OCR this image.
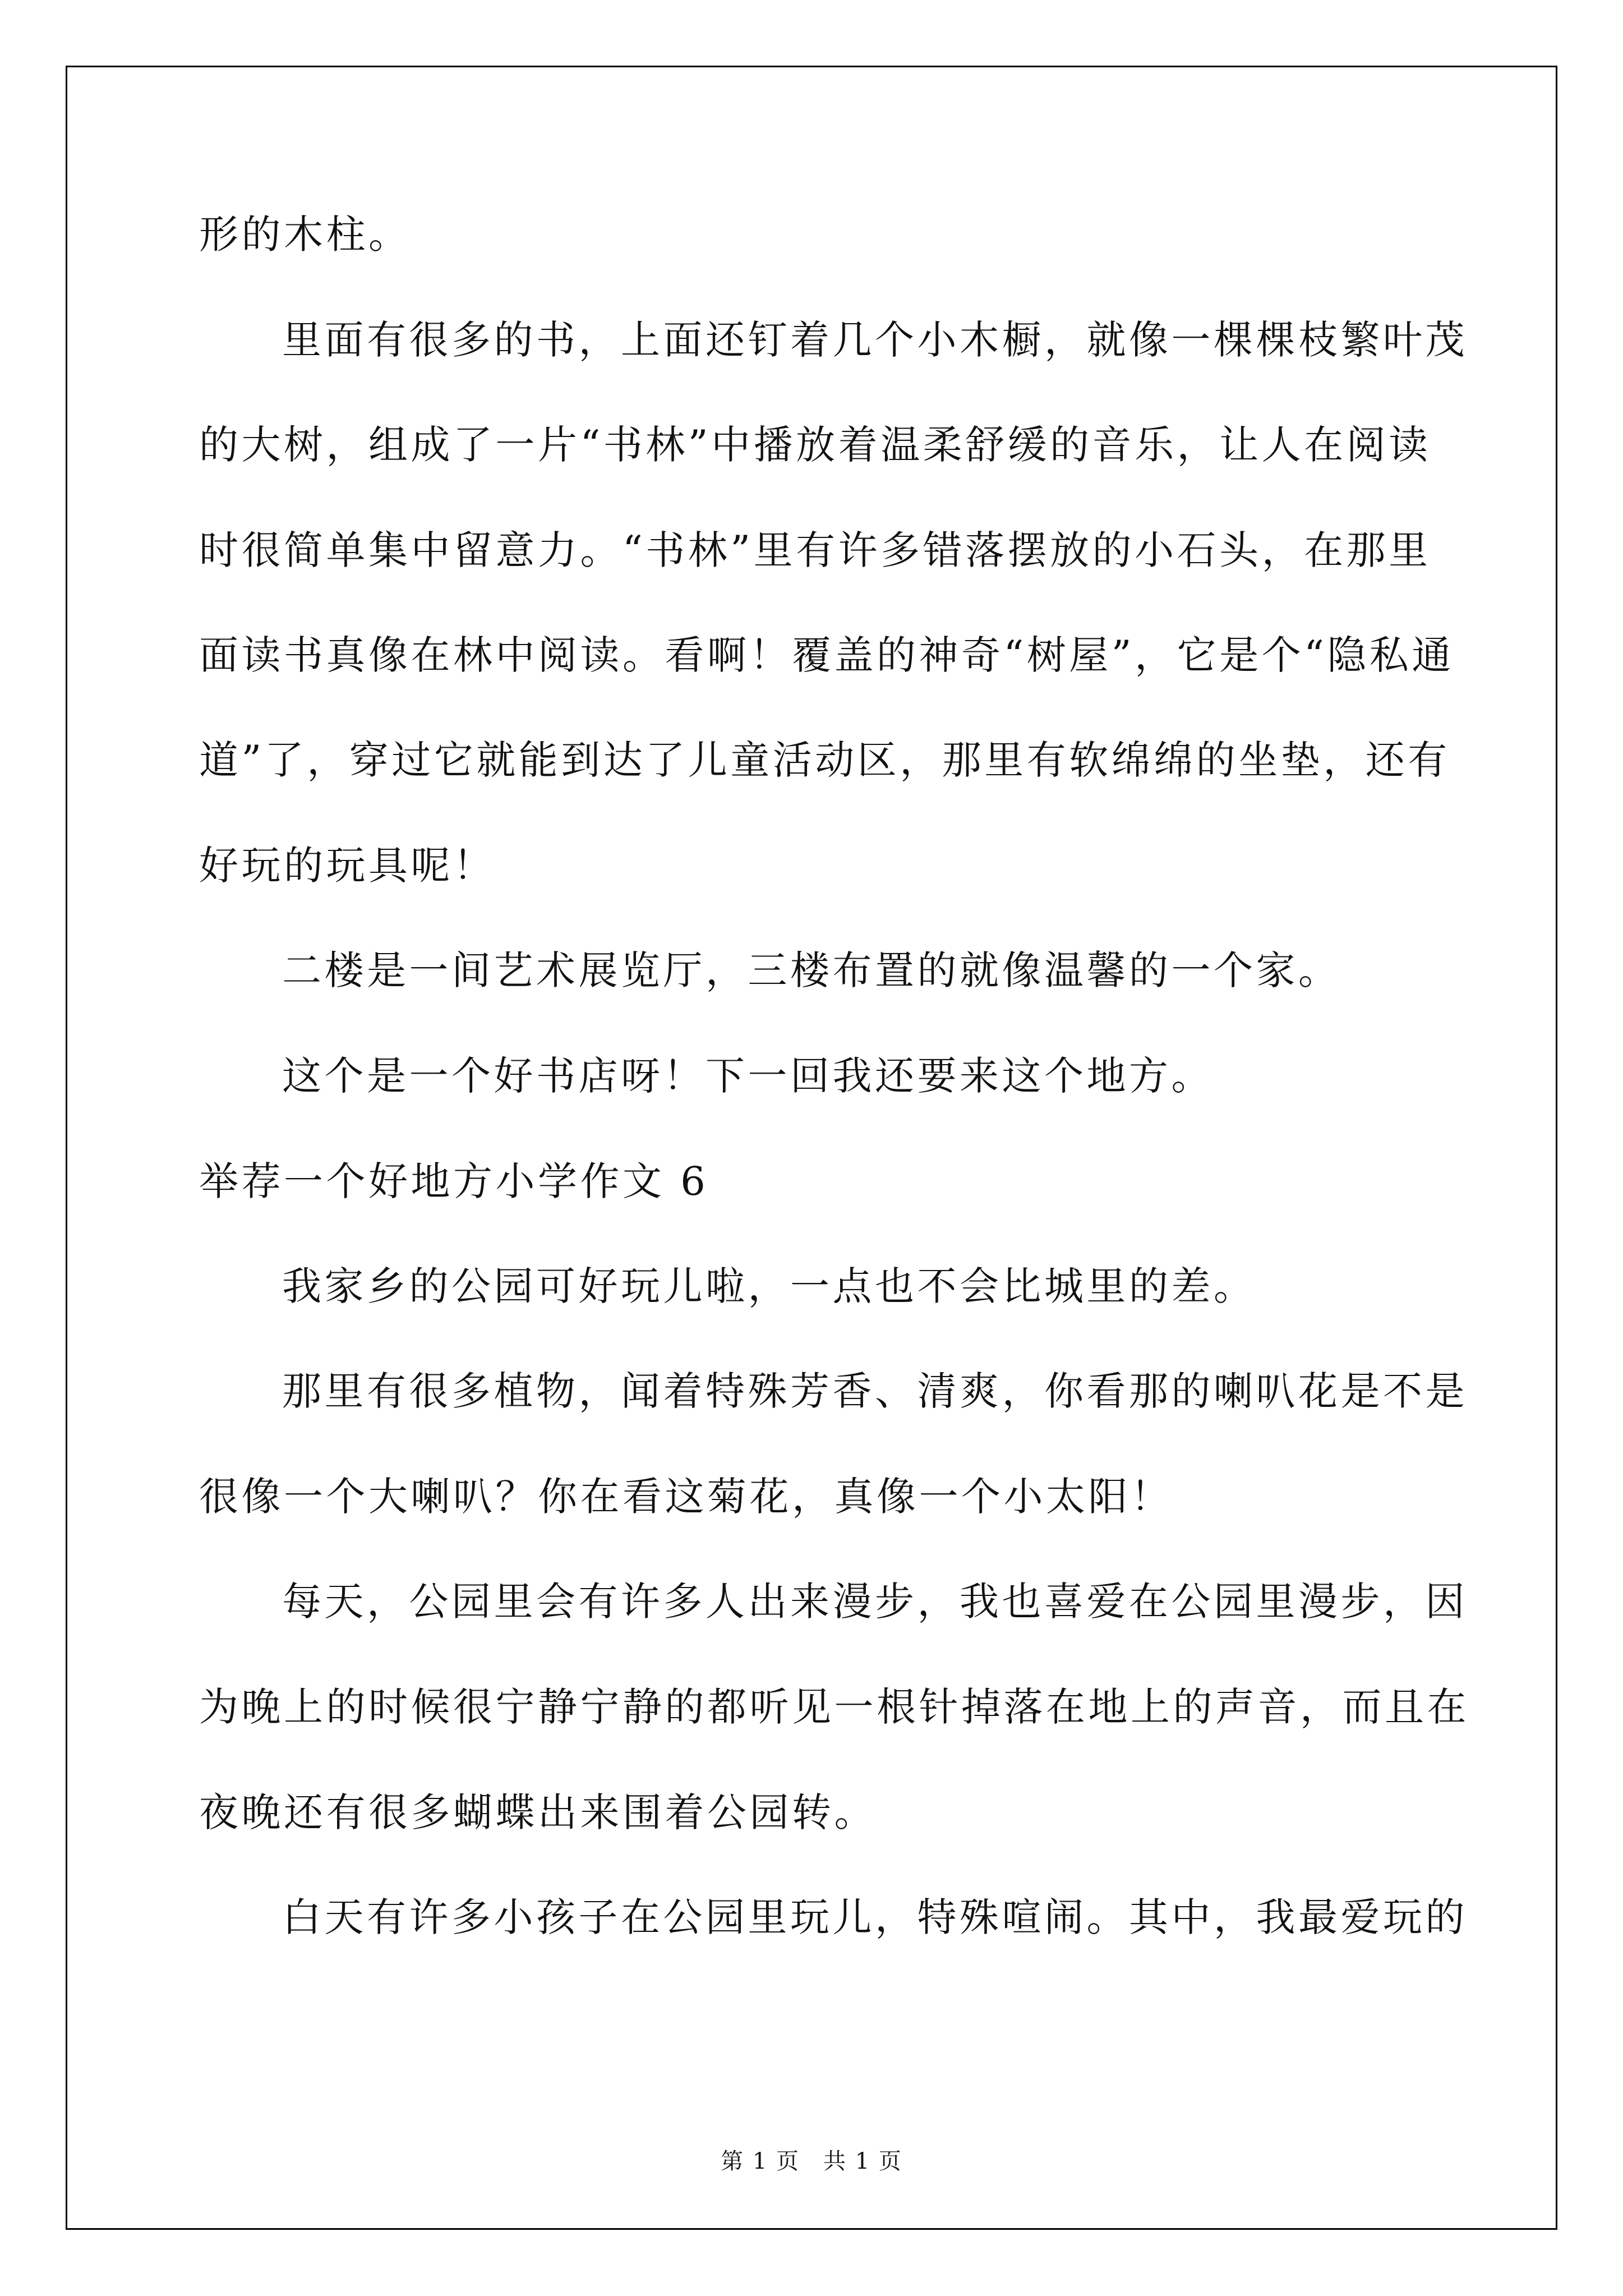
形的木柱。
里面有很多的书，上面还钉着几个小木橱，就像一棵棵枝繁叶茂
的大树，组成了一片“书林”中播放着温柔舒缓的音乐，让人在阅读
时很简单集中留意力。“书林”里有许多错落摆放的小石头，在那里
面读书真像在林中阅读。看啊！覆盖的神奇“树屋”，它是个“隐私通
道”了，穿过它就能到达了儿童活动区，那里有软绵绵的坐垫，还有
好玩的玩具呢！
二楼是一间艺术展览厅，三楼布置的就像温馨的一个家。
这个是一个好书店呀！下一回我还要来这个地方。
举荐一个好地方小学作文 6
我家乡的公园可好玩儿啦，一点也不会比城里的差。
那里有很多植物，闻着特殊芳香、清爽，你看那的喇叭花是不是
很像一个大喇叭？你在看这菊花，真像一个小太阳！
每天，公园里会有许多人出来漫步，我也喜爱在公园里漫步，因
为晚上的时候很宁静宁静的都听见一根针掉落在地上的声音，而且在
夜晚还有很多蝴蝶出来围着公园转。
白天有许多小孩子在公园里玩儿，特殊喧闹。其中，我最爱玩的
第 1 页　共 1 页
